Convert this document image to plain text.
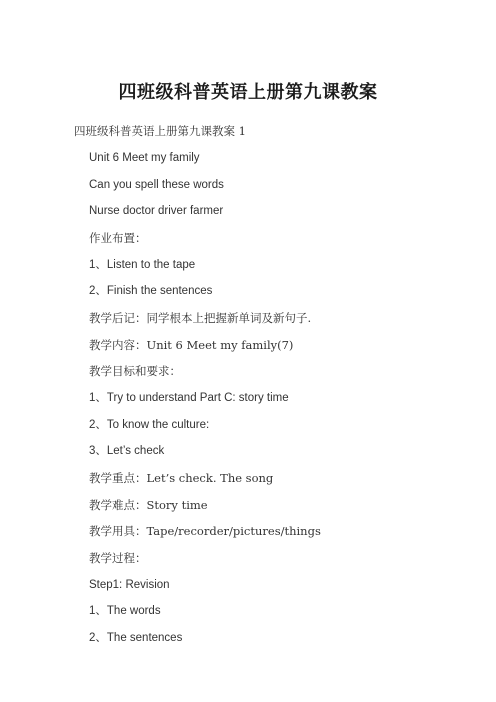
四班级科普英语上册第九课教案
四班级科普英语上册第九课教案 1
Unit 6 Meet my family
Can you spell these words
Nurse doctor driver farmer
作业布置：
1、Listen to the tape
2、Finish the sentences
教学后记：同学根本上把握新单词及新句子.
教学内容：Unit 6 Meet my family(7)
教学目标和要求：
1、Try to understand Part C: story time
2、To know the culture:
3、Let’s check
教学重点：Let’s check. The song
教学难点：Story time
教学用具：Tape/recorder/pictures/things
教学过程：
Step1: Revision
1、The words
2、The sentences
